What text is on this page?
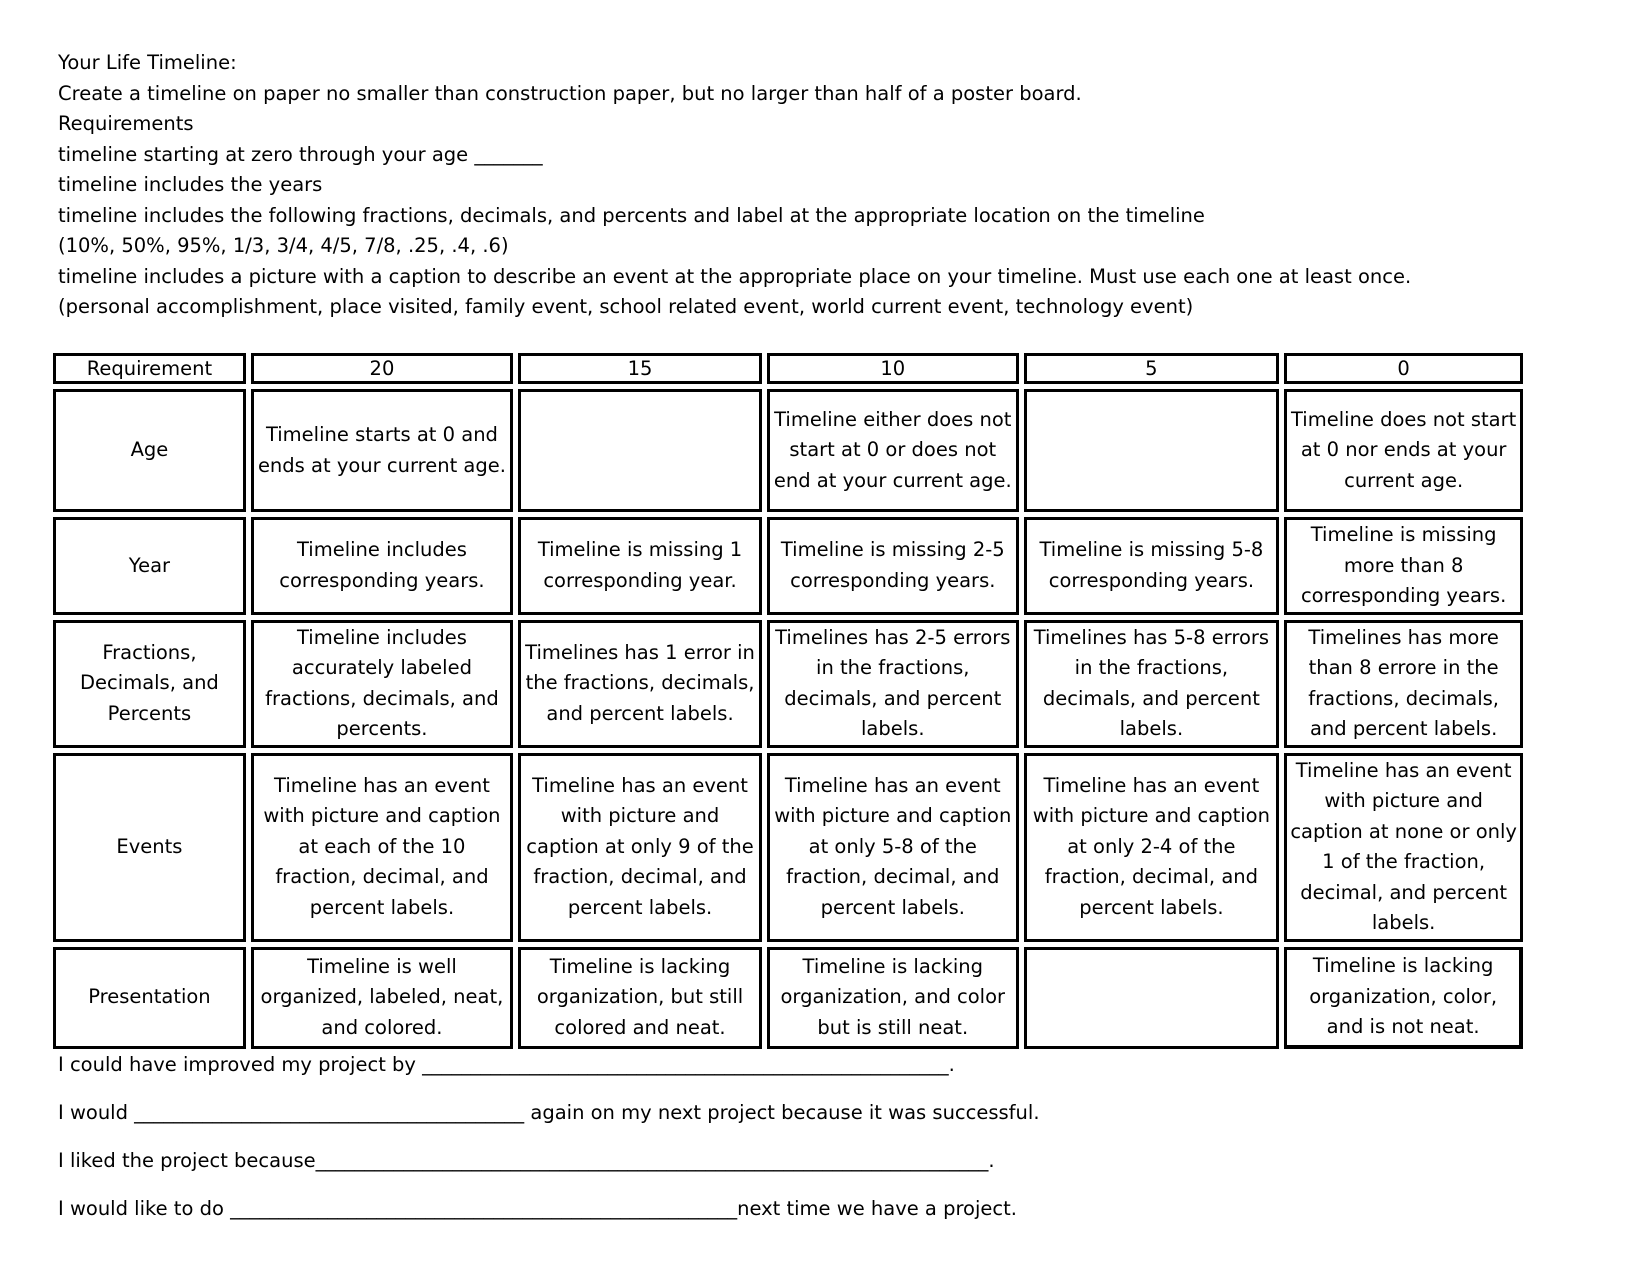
Your Life Timeline:
Create a timeline on paper no smaller than construction paper, but no larger than half of a poster board.
Requirements
timeline starting at zero through your age _______
timeline includes the years
timeline includes the following fractions, decimals, and percents and label at the appropriate location on the timeline
(10%, 50%, 95%, 1/3, 3/4, 4/5, 7/8, .25, .4, .6)
timeline includes a picture with a caption to describe an event at the appropriate place on your timeline. Must use each one at least once.
(personal accomplishment, place visited, family event, school related event, world current event, technology event)
Requirement	20	15	10	5	0
Age	Timeline starts at 0 and ends at your current age.		Timeline either does not start at 0 or does not end at your current age.		Timeline does not start at 0 nor ends at your current age.
Year	Timeline includes corresponding years.	Timeline is missing 1 corresponding year.	Timeline is missing 2-5 corresponding years.	Timeline is missing 5-8 corresponding years.	Timeline is missing more than 8 corresponding years.
Fractions, Decimals, and Percents	Timeline includes accurately labeled fractions, decimals, and percents.	Timelines has 1 error in the fractions, decimals, and percent labels.	Timelines has 2-5 errors in the fractions, decimals, and percent labels.	Timelines has 5-8 errors in the fractions, decimals, and percent labels.	Timelines has more than 8 errore in the fractions, decimals, and percent labels.
Events	Timeline has an event with picture and caption at each of the 10 fraction, decimal, and percent labels.	Timeline has an event with picture and caption at only 9 of the fraction, decimal, and percent labels.	Timeline has an event with picture and caption at only 5-8 of the fraction, decimal, and percent labels.	Timeline has an event with picture and caption at only 2-4 of the fraction, decimal, and percent labels.	Timeline has an event with picture and caption at none or only 1 of the fraction, decimal, and percent labels.
Presentation	Timeline is well organized, labeled, neat, and colored.	Timeline is lacking organization, but still colored and neat.	Timeline is lacking organization, and color but is still neat.		Timeline is lacking organization, color, and is not neat.
I could have improved my project by ______________________________________________________.
I would ________________________________________ again on my next project because it was successful.
I liked the project because_____________________________________________________________________.
I would like to do ____________________________________________________next time we have a project.
